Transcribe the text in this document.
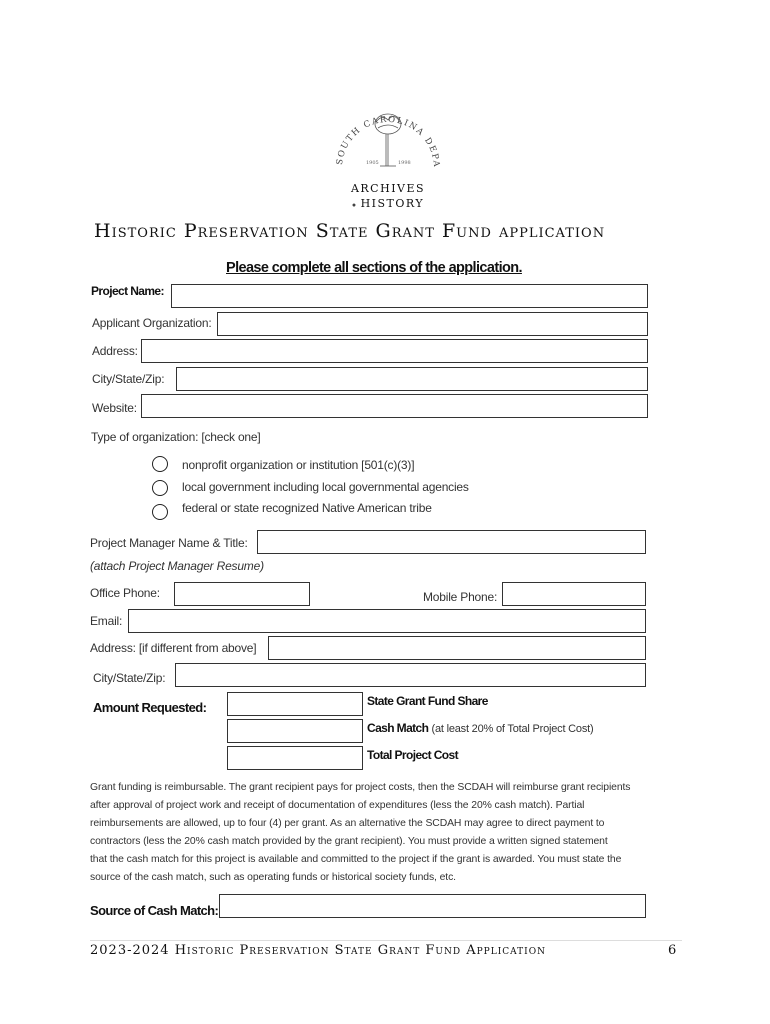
SOUTH CAROLINA DEPA
1905	1998
ARCHIVES
● HISTORY
Historic Preservation State Grant Fund application
Please complete all sections of the application.
Project Name:
Applicant Organization:
Address:
City/State/Zip:
Website:
Type of organization: [check one]
nonprofit organization or institution [501(c)(3)]
local government including local governmental agencies
federal or state recognized Native American tribe
Project Manager Name & Title:
(attach Project Manager Resume)
Office Phone:	Mobile Phone:
Email:
Address: [if different from above]
City/State/Zip:
Amount Requested:	State Grant Fund Share
Cash Match (at least 20% of Total Project Cost)
Total Project Cost
Grant funding is reimbursable. The grant recipient pays for project costs, then the SCDAH will reimburse grant recipients
after approval of project work and receipt of documentation of expenditures (less the 20% cash match). Partial
reimbursements are allowed, up to four (4) per grant. As an alternative the SCDAH may agree to direct payment to
contractors (less the 20% cash match provided by the grant recipient). You must provide a written signed statement
that the cash match for this project is available and committed to the project if the grant is awarded. You must state the
source of the cash match, such as operating funds or historical society funds, etc.
Source of Cash Match:
2023-2024 Historic Preservation State Grant Fund Application	6
